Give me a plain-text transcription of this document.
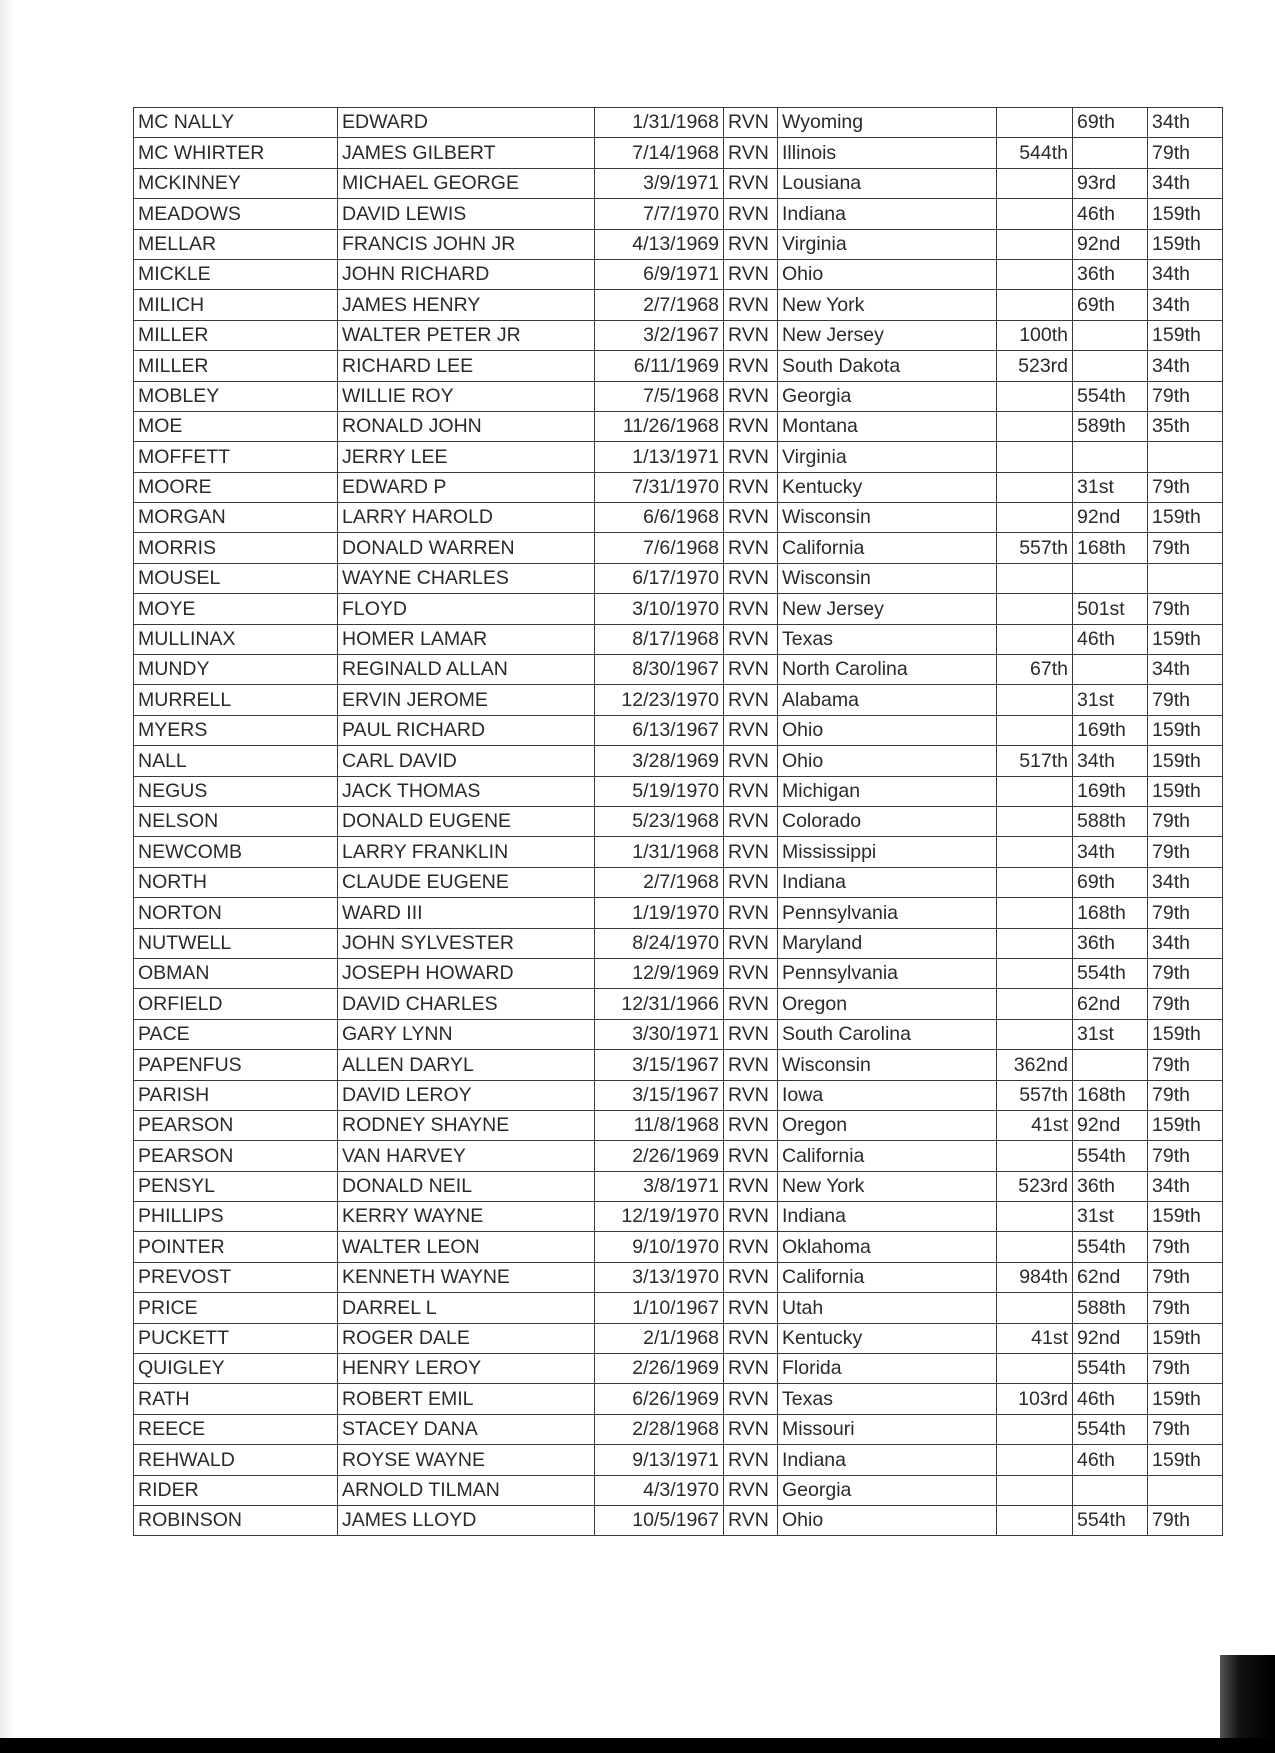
MC NALLY	EDWARD	1/31/1968	RVN	Wyoming		69th	34th
MC WHIRTER	JAMES GILBERT	7/14/1968	RVN	Illinois	544th		79th
MCKINNEY	MICHAEL GEORGE	3/9/1971	RVN	Lousiana		93rd	34th
MEADOWS	DAVID LEWIS	7/7/1970	RVN	Indiana		46th	159th
MELLAR	FRANCIS JOHN JR	4/13/1969	RVN	Virginia		92nd	159th
MICKLE	JOHN RICHARD	6/9/1971	RVN	Ohio		36th	34th
MILICH	JAMES HENRY	2/7/1968	RVN	New York		69th	34th
MILLER	WALTER PETER JR	3/2/1967	RVN	New Jersey	100th		159th
MILLER	RICHARD LEE	6/11/1969	RVN	South Dakota	523rd		34th
MOBLEY	WILLIE ROY	7/5/1968	RVN	Georgia		554th	79th
MOE	RONALD JOHN	11/26/1968	RVN	Montana		589th	35th
MOFFETT	JERRY LEE	1/13/1971	RVN	Virginia			
MOORE	EDWARD P	7/31/1970	RVN	Kentucky		31st	79th
MORGAN	LARRY HAROLD	6/6/1968	RVN	Wisconsin		92nd	159th
MORRIS	DONALD WARREN	7/6/1968	RVN	California	557th	168th	79th
MOUSEL	WAYNE CHARLES	6/17/1970	RVN	Wisconsin			
MOYE	FLOYD	3/10/1970	RVN	New Jersey		501st	79th
MULLINAX	HOMER LAMAR	8/17/1968	RVN	Texas		46th	159th
MUNDY	REGINALD ALLAN	8/30/1967	RVN	North Carolina	67th		34th
MURRELL	ERVIN JEROME	12/23/1970	RVN	Alabama		31st	79th
MYERS	PAUL RICHARD	6/13/1967	RVN	Ohio		169th	159th
NALL	CARL DAVID	3/28/1969	RVN	Ohio	517th	34th	159th
NEGUS	JACK THOMAS	5/19/1970	RVN	Michigan		169th	159th
NELSON	DONALD EUGENE	5/23/1968	RVN	Colorado		588th	79th
NEWCOMB	LARRY FRANKLIN	1/31/1968	RVN	Mississippi		34th	79th
NORTH	CLAUDE EUGENE	2/7/1968	RVN	Indiana		69th	34th
NORTON	WARD III	1/19/1970	RVN	Pennsylvania		168th	79th
NUTWELL	JOHN SYLVESTER	8/24/1970	RVN	Maryland		36th	34th
OBMAN	JOSEPH HOWARD	12/9/1969	RVN	Pennsylvania		554th	79th
ORFIELD	DAVID CHARLES	12/31/1966	RVN	Oregon		62nd	79th
PACE	GARY LYNN	3/30/1971	RVN	South Carolina		31st	159th
PAPENFUS	ALLEN DARYL	3/15/1967	RVN	Wisconsin	362nd		79th
PARISH	DAVID LEROY	3/15/1967	RVN	Iowa	557th	168th	79th
PEARSON	RODNEY SHAYNE	11/8/1968	RVN	Oregon	41st	92nd	159th
PEARSON	VAN HARVEY	2/26/1969	RVN	California		554th	79th
PENSYL	DONALD NEIL	3/8/1971	RVN	New York	523rd	36th	34th
PHILLIPS	KERRY WAYNE	12/19/1970	RVN	Indiana		31st	159th
POINTER	WALTER LEON	9/10/1970	RVN	Oklahoma		554th	79th
PREVOST	KENNETH WAYNE	3/13/1970	RVN	California	984th	62nd	79th
PRICE	DARREL L	1/10/1967	RVN	Utah		588th	79th
PUCKETT	ROGER DALE	2/1/1968	RVN	Kentucky	41st	92nd	159th
QUIGLEY	HENRY LEROY	2/26/1969	RVN	Florida		554th	79th
RATH	ROBERT EMIL	6/26/1969	RVN	Texas	103rd	46th	159th
REECE	STACEY DANA	2/28/1968	RVN	Missouri		554th	79th
REHWALD	ROYSE WAYNE	9/13/1971	RVN	Indiana		46th	159th
RIDER	ARNOLD TILMAN	4/3/1970	RVN	Georgia			
ROBINSON	JAMES LLOYD	10/5/1967	RVN	Ohio		554th	79th
